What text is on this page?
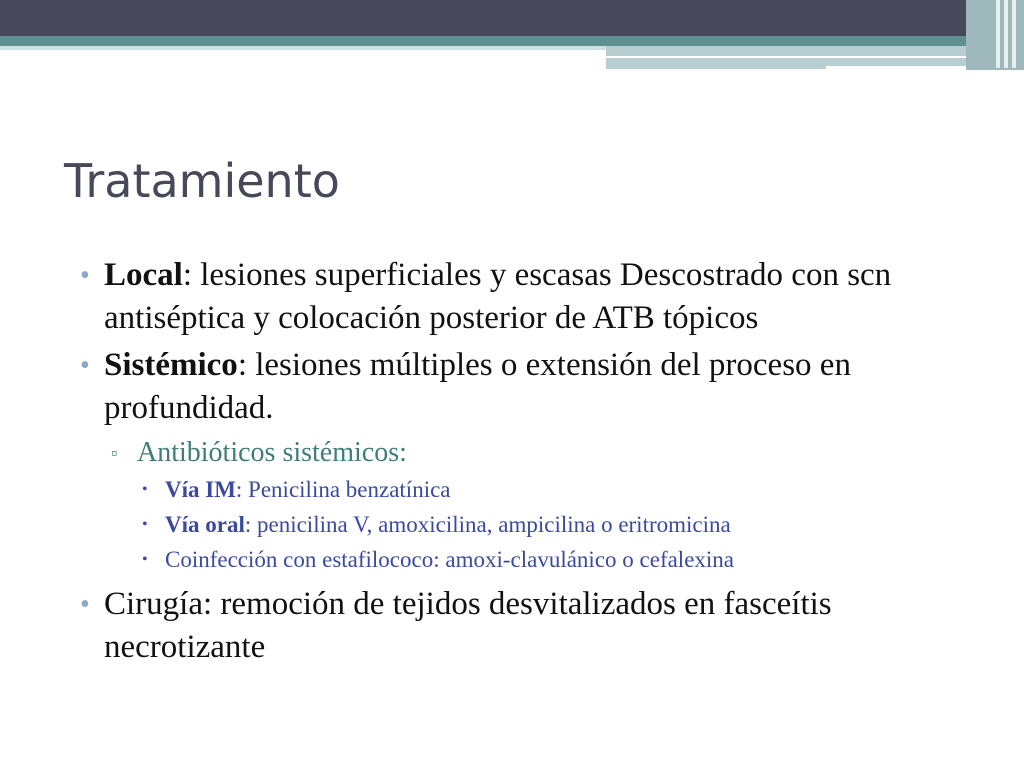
Tratamiento
• Local: lesiones superficiales y escasas Descostrado con scn antiséptica y colocación posterior de ATB tópicos
• Sistémico: lesiones múltiples o extensión del proceso en profundidad.
▫ Antibióticos sistémicos:
• Vía IM: Penicilina benzatínica
• Vía oral: penicilina V, amoxicilina, ampicilina o eritromicina
• Coinfección con estafilococo: amoxi-clavulánico o cefalexina
• Cirugía: remoción de tejidos desvitalizados en fasceítis necrotizante
